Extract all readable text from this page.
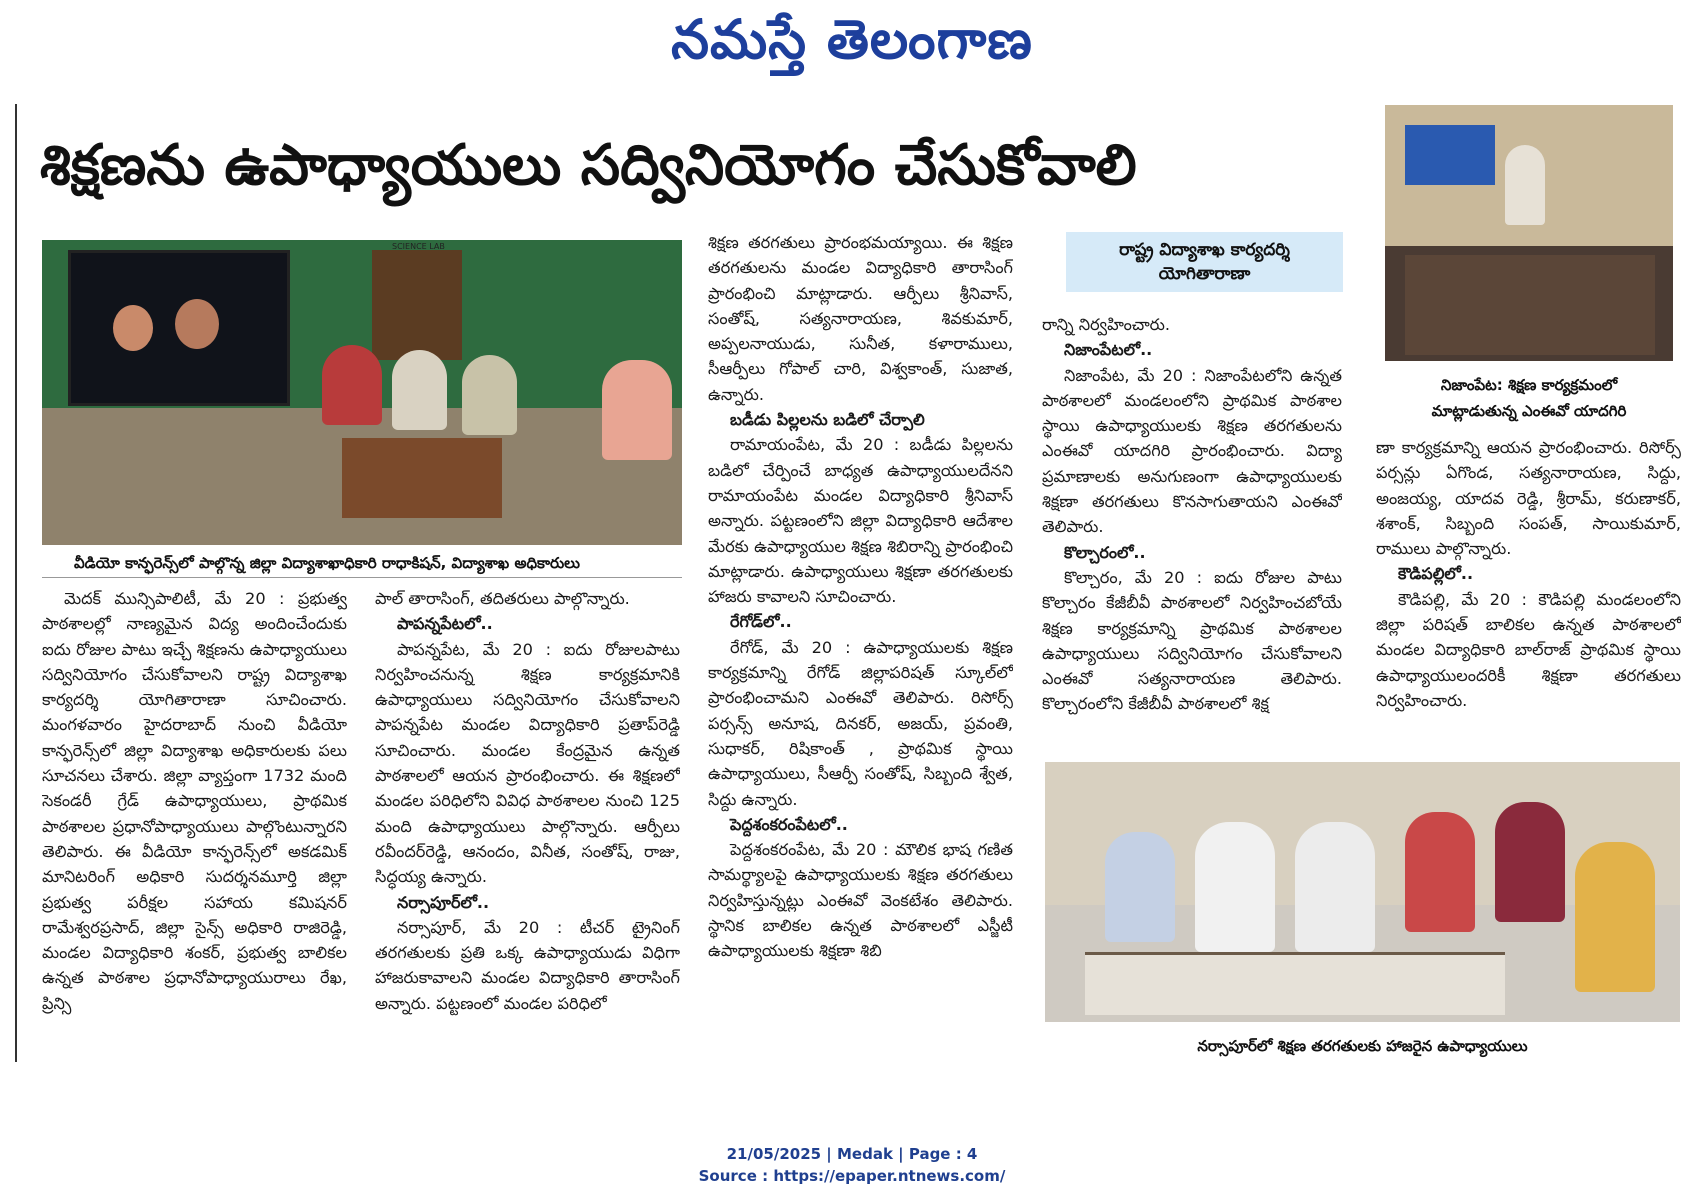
నమస్తే తెలంగాణ
శిక్షణను ఉపాధ్యాయులు సద్వినియోగం చేసుకోవాలి
SCIENCE LAB
వీడియో కాన్ఫరెన్స్‌లో పాల్గొన్న జిల్లా విద్యాశాఖాధికారి రాధాకిషన్, విద్యాశాఖ అధికారులు

మెదక్ మున్సిపాలిటీ, మే 20 : ప్రభుత్వ పాఠశాలల్లో నాణ్యమైన విద్య అందించేందుకు ఐదు రోజుల పాటు ఇచ్చే శిక్షణను ఉపాధ్యాయులు సద్వినియోగం చేసుకోవాలని రాష్ట్ర విద్యాశాఖ కార్యదర్శి యోగితారాణా సూచించారు. మంగళవారం హైదరాబాద్ నుంచి వీడియో కాన్ఫరెన్స్‌లో జిల్లా విద్యాశాఖ అధికారులకు పలు సూచనలు చేశారు. జిల్లా వ్యాప్తంగా 1732 మంది సెకండరీ గ్రేడ్ ఉపాధ్యాయులు, ప్రాథమిక పాఠశాలల ప్రధానోపాధ్యాయులు పాల్గొంటున్నారని తెలిపారు. ఈ వీడియో కాన్ఫరెన్స్‌లో అకడమిక్ మానిటరింగ్ అధికారి సుదర్శనమూర్తి జిల్లా ప్రభుత్వ పరీక్షల సహాయ కమిషనర్ రామేశ్వరప్రసాద్, జిల్లా సైన్స్ అధికారి రాజిరెడ్డి, మండల విద్యాధికారి శంకర్, ప్రభుత్వ బాలికల ఉన్నత పాఠశాల ప్రధానోపాధ్యాయురాలు రేఖ, ప్రిన్సి

పాల్ తారాసింగ్, తదితరులు పాల్గొన్నారు.

పాపన్నపేటలో..

పాపన్నపేట, మే 20 : ఐదు రోజులపాటు నిర్వహించనున్న శిక్షణ కార్యక్రమానికి ఉపాధ్యాయులు సద్వినియోగం చేసుకోవాలని పాపన్నపేట మండల విద్యాధికారి ప్రతాప్‌రెడ్డి సూచించారు. మండల కేంద్రమైన ఉన్నత పాఠశాలలో ఆయన ప్రారంభించారు. ఈ శిక్షణలో మండల పరిధిలోని వివిధ పాఠశాలల నుంచి 125 మంది ఉపాధ్యాయులు పాల్గొన్నారు. ఆర్పీలు రవీందర్‌రెడ్డి, ఆనందం, వినీత, సంతోష్, రాజు, సిద్ధయ్య ఉన్నారు.

నర్సాపూర్‌లో..

నర్సాపూర్, మే 20 : టీచర్ ట్రైనింగ్ తరగతులకు ప్రతి ఒక్క ఉపాధ్యాయుడు విధిగా హాజరుకావాలని మండల విద్యాధికారి తారాసింగ్ అన్నారు. పట్టణంలో మండల పరిధిలో

శిక్షణ తరగతులు ప్రారంభమయ్యాయి. ఈ శిక్షణ తరగతులను మండల విద్యాధికారి తారాసింగ్ ప్రారంభించి మాట్లాడారు. ఆర్పీలు శ్రీనివాస్, సంతోష్, సత్యనారాయణ, శివకుమార్, అప్పలనాయుడు, సునీత, కళారాములు, సీఆర్పీలు గోపాల్ చారి, విశ్వకాంత్, సుజాత, ఉన్నారు.

బడీడు పిల్లలను బడిలో చేర్పాలి

రామాయంపేట, మే 20 : బడీడు పిల్లలను బడిలో చేర్పించే బాధ్యత ఉపాధ్యాయులదేనని రామాయంపేట మండల విద్యాధికారి శ్రీనివాస్ అన్నారు. పట్టణంలోని జిల్లా విద్యాధికారి ఆదేశాల మేరకు ఉపాధ్యాయుల శిక్షణ శిబిరాన్ని ప్రారంభించి మాట్లాడారు. ఉపాధ్యాయులు శిక్షణా తరగతులకు హాజరు కావాలని సూచించారు.

రేగోడ్‌లో..

రేగోడ్, మే 20 : ఉపాధ్యాయులకు శిక్షణ కార్యక్రమాన్ని రేగోడ్ జిల్లాపరిషత్ స్కూల్‌లో ప్రారంభించామని ఎంఈవో తెలిపారు. రిసోర్స్ పర్సన్స్ అనూష, దినకర్, అజయ్, ప్రవంతి, సుధాకర్, రిషికాంత్ , ప్రాథమిక స్థాయి ఉపాధ్యాయులు, సీఆర్పీ సంతోష్, సిబ్బంది శ్వేత, సిద్దు ఉన్నారు.

పెద్దశంకరంపేటలో..

పెద్దశంకరంపేట, మే 20 : మౌలిక భాష గణిత సామర్థ్యాలపై ఉపాధ్యాయులకు శిక్షణ తరగతులు నిర్వహిస్తున్నట్లు ఎంఈవో వెంకటేశం తెలిపారు. స్థానిక బాలికల ఉన్నత పాఠశాలలో ఎస్జీటీ ఉపాధ్యాయులకు శిక్షణా శిబి

రాష్ట్ర విద్యాశాఖ కార్యదర్శి
యోగితారాణా

రాన్ని నిర్వహించారు.

నిజాంపేటలో..

నిజాంపేట, మే 20 : నిజాంపేటలోని ఉన్నత పాఠశాలలో మండలంలోని ప్రాథమిక పాఠశాల స్థాయి ఉపాధ్యాయులకు శిక్షణ తరగతులను ఎంఈవో యాదగిరి ప్రారంభించారు. విద్యా ప్రమాణాలకు అనుగుణంగా ఉపాధ్యాయులకు శిక్షణా తరగతులు కొనసాగుతాయని ఎంఈవో తెలిపారు.

కొల్చారంలో..

కొల్చారం, మే 20 : ఐదు రోజుల పాటు కొల్చారం కేజీబీవీ పాఠశాలలో నిర్వహించబోయే శిక్షణ కార్యక్రమాన్ని ప్రాథమిక పాఠశాలల ఉపాధ్యాయులు సద్వినియోగం చేసుకోవాలని ఎంఈవో సత్యనారాయణ తెలిపారు. కొల్చారంలోని కేజీబీవీ పాఠశాలలో శిక్ష

నిజాంపేట: శిక్షణ కార్యక్రమంలో
మాట్లాడుతున్న ఎంఈవో యాదగిరి

ణా కార్యక్రమాన్ని ఆయన ప్రారంభించారు. రిసోర్స్ పర్సన్లు ఏగొండ, సత్యనారాయణ, సిద్దు, అంజయ్య, యాదవ రెడ్డి, శ్రీరామ్, కరుణాకర్, శశాంక్, సిబ్బంది సంపత్, సాయికుమార్, రాములు పాల్గొన్నారు.

కౌడిపల్లిలో..

కౌడిపల్లి, మే 20 : కౌడిపల్లి మండలంలోని జిల్లా పరిషత్ బాలికల ఉన్నత పాఠశాలలో మండల విద్యాధికారి బాల్‌రాజ్ ప్రాథమిక స్థాయి ఉపాధ్యాయులందరికీ శిక్షణా తరగతులు నిర్వహించారు.

నర్సాపూర్‌లో శిక్షణ తరగతులకు హాజరైన ఉపాధ్యాయులు
21/05/2025 | Medak | Page : 4
Source : https://epaper.ntnews.com/
